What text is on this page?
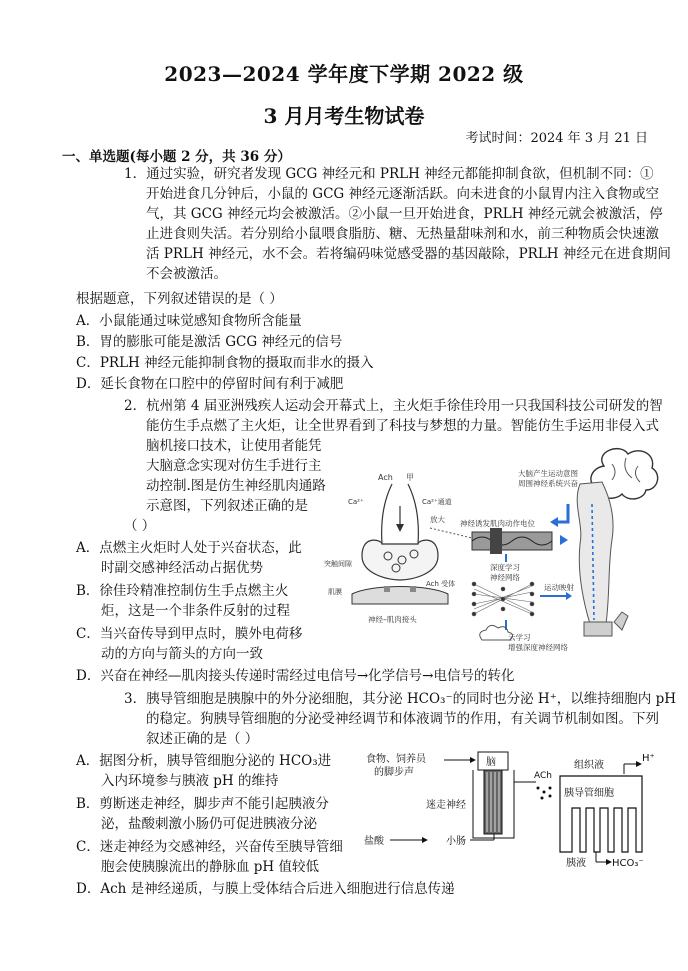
2023—2024 学年度下学期 2022 级
3 月月考生物试卷
考试时间：2024 年 3 月 21 日
一、单选题(每小题 2 分，共 36 分）
1．通过实验，研究者发现 GCG 神经元和 PRLH 神经元都能抑制食欲，但机制不同：①
开始进食几分钟后，小鼠的 GCG 神经元逐渐活跃。向未进食的小鼠胃内注入食物或空
气，其 GCG 神经元均会被激活。②小鼠一旦开始进食，PRLH 神经元就会被激活，停
止进食则失活。若分别给小鼠喂食脂肪、糖、无热量甜味剂和水，前三种物质会快速激
活 PRLH 神经元，水不会。若将编码味觉感受器的基因敲除，PRLH 神经元在进食期间
不会被激活。
根据题意，下列叙述错误的是（ ）
A．小鼠能通过味觉感知食物所含能量
B．胃的膨胀可能是激活 GCG 神经元的信号
C．PRLH 神经元能抑制食物的摄取而非水的摄入
D．延长食物在口腔中的停留时间有利于减肥
2．杭州第 4 届亚洲残疾人运动会开幕式上，主火炬手徐佳玲用一只我国科技公司研发的智
能仿生手点燃了主火炬，让全世界看到了科技与梦想的力量。智能仿生手运用非侵入式
脑机接口技术，让使用者能凭
大脑意念实现对仿生手进行主
动控制.图是仿生神经肌肉通路
示意图，下列叙述正确的是
（ ）
A．点燃主火炬时人处于兴奋状态，此
时副交感神经活动占据优势
B．徐佳玲精准控制仿生手点燃主火
炬，这是一个非条件反射的过程
C．当兴奋传导到甲点时，膜外电荷移
动的方向与箭头的方向一致
D．兴奋在神经—肌肉接头传递时需经过电信号→化学信号→电信号的转化
大脑产生运动意图
周围神经系统兴奋
神经诱发肌肉动作电位
放大
深度学习
神经网络
运动映射
云学习
增强深度神经网络
Ach 甲
Ca²⁺通道
Ca²⁺
突触间隙
肌膜
Ach 受体
神经–肌肉接头
3．胰导管细胞是胰腺中的外分泌细胞，其分泌 HCO₃⁻的同时也分泌 H⁺，以维持细胞内 pH
的稳定。狗胰导管细胞的分泌受神经调节和体液调节的作用，有关调节机制如图。下列
叙述正确的是（ ）
A．据图分析，胰导管细胞分泌的 HCO₃进
入内环境参与胰液 pH 的维持
B．剪断迷走神经，脚步声不能引起胰液分
泌，盐酸刺激小肠仍可促进胰液分泌
C．迷走神经为交感神经，兴奋传至胰导管细
胞会使胰腺流出的静脉血 pH 值较低
D．Ach 是神经递质，与膜上受体结合后进入细胞进行信息传递
食物、饲养员
的脚步声
脑
迷走神经
盐酸	小肠
ACh
组织液
H⁺
胰导管细胞
胰液	HCO₃⁻
